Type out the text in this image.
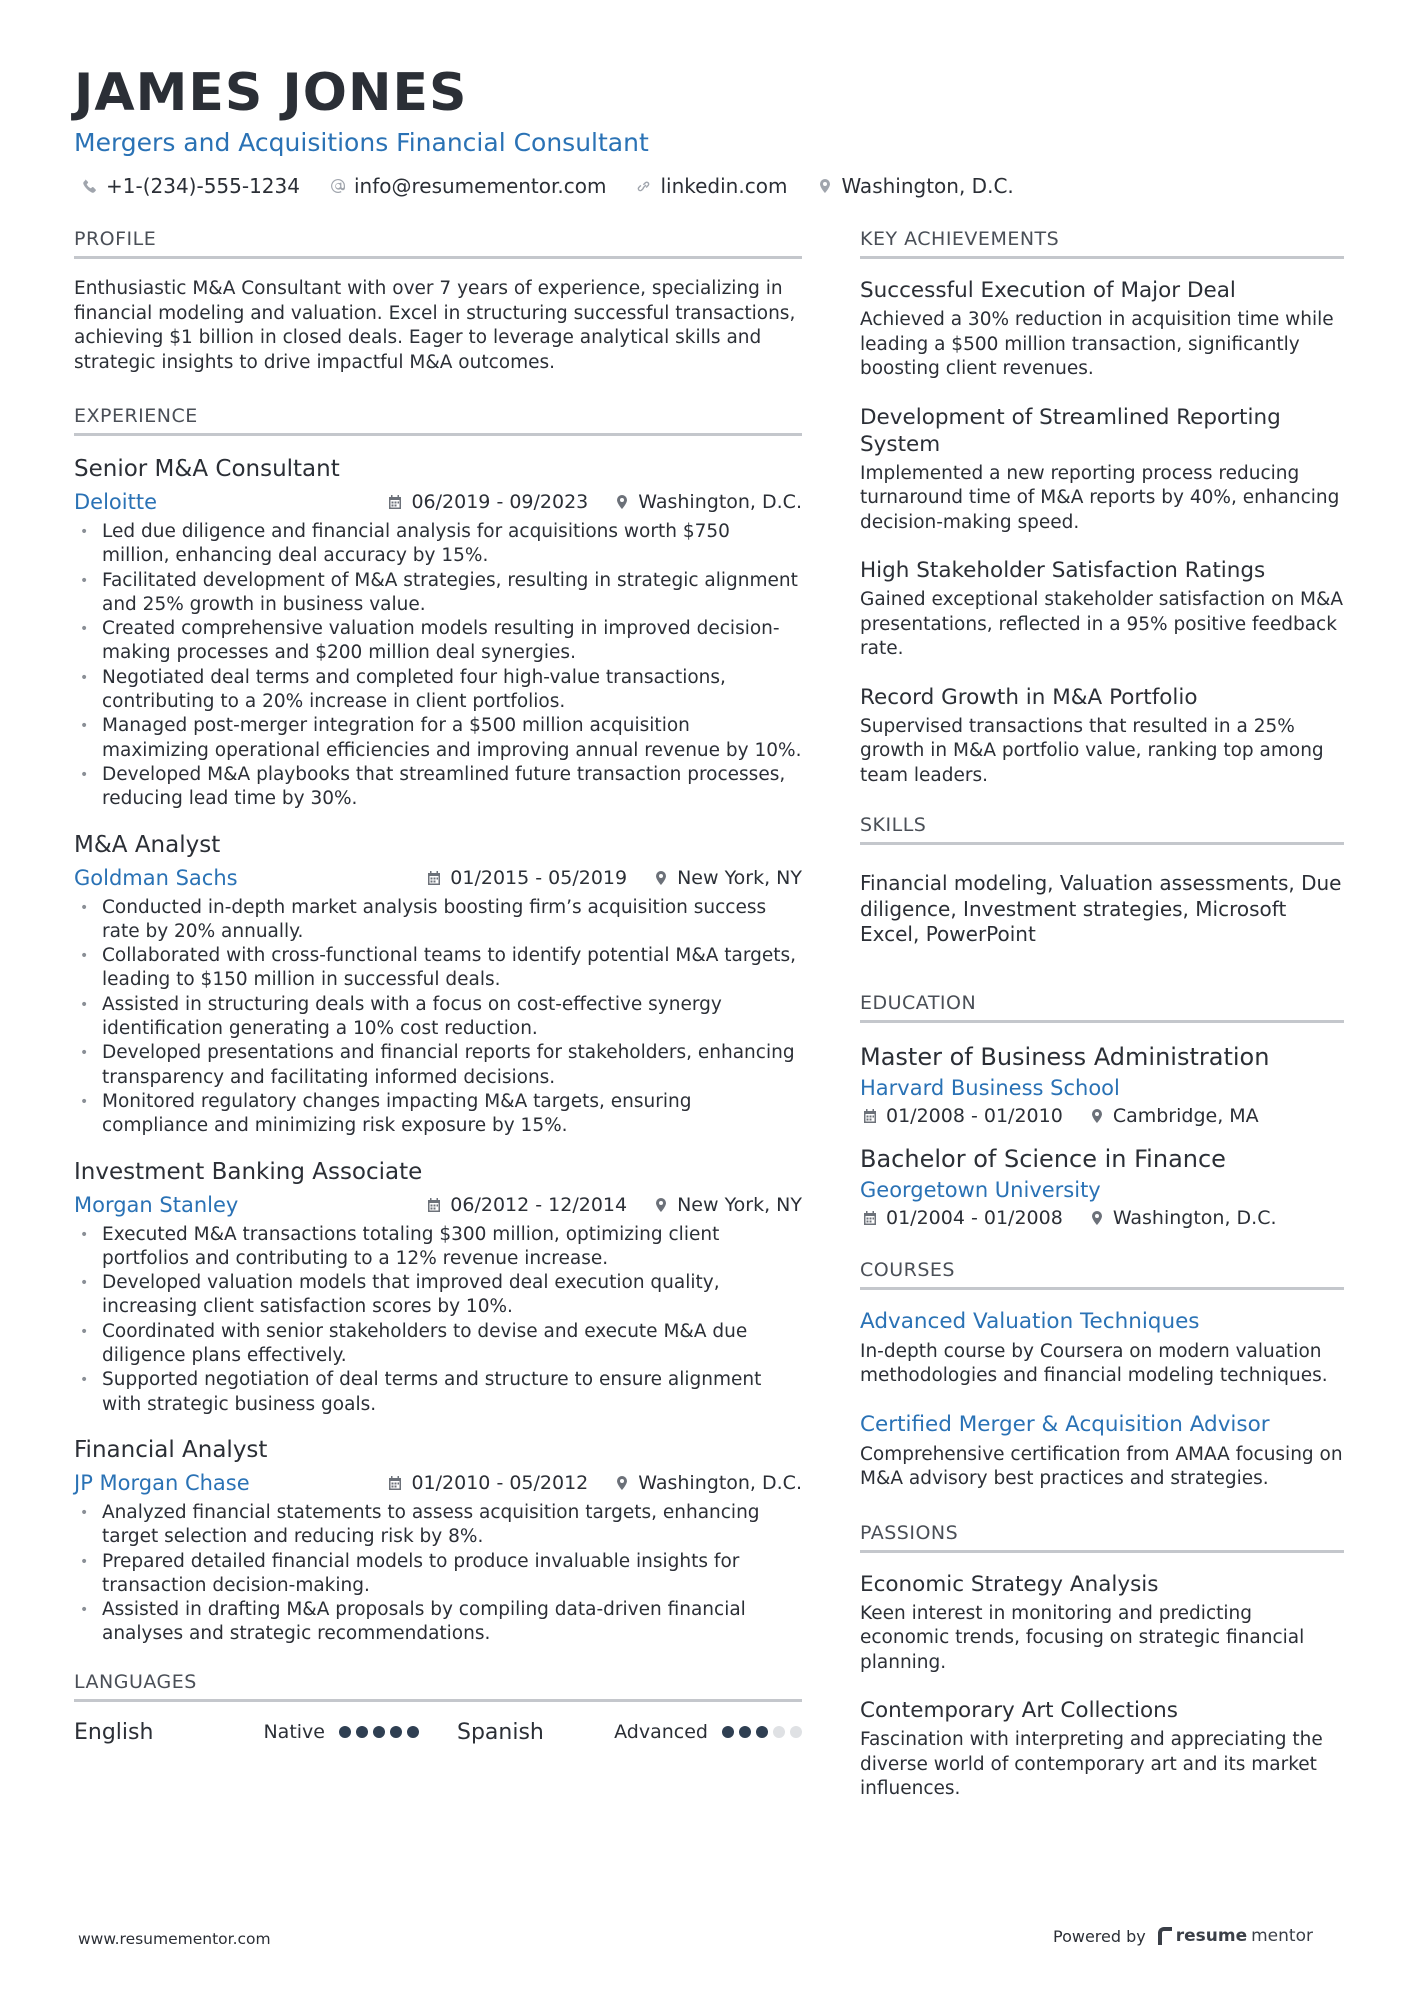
JAMES JONES
Mergers and Acquisitions Financial Consultant
+1-(234)-555-1234	info@resumementor.com	linkedin.com	Washington, D.C.
PROFILE
Enthusiastic M&A Consultant with over 7 years of experience, specializing in financial modeling and valuation. Excel in structuring successful transactions, achieving $1 billion in closed deals. Eager to leverage analytical skills and strategic insights to drive impactful M&A outcomes.
EXPERIENCE
Senior M&A Consultant
Deloitte	06/2019 - 09/2023	Washington, D.C.
• Led due diligence and financial analysis for acquisitions worth $750 million, enhancing deal accuracy by 15%.
• Facilitated development of M&A strategies, resulting in strategic alignment and 25% growth in business value.
• Created comprehensive valuation models resulting in improved decision-making processes and $200 million deal synergies.
• Negotiated deal terms and completed four high-value transactions, contributing to a 20% increase in client portfolios.
• Managed post-merger integration for a $500 million acquisition maximizing operational efficiencies and improving annual revenue by 10%.
• Developed M&A playbooks that streamlined future transaction processes, reducing lead time by 30%.
M&A Analyst
Goldman Sachs	01/2015 - 05/2019	New York, NY
• Conducted in-depth market analysis boosting firm’s acquisition success rate by 20% annually.
• Collaborated with cross-functional teams to identify potential M&A targets, leading to $150 million in successful deals.
• Assisted in structuring deals with a focus on cost-effective synergy identification generating a 10% cost reduction.
• Developed presentations and financial reports for stakeholders, enhancing transparency and facilitating informed decisions.
• Monitored regulatory changes impacting M&A targets, ensuring compliance and minimizing risk exposure by 15%.
Investment Banking Associate
Morgan Stanley	06/2012 - 12/2014	New York, NY
• Executed M&A transactions totaling $300 million, optimizing client portfolios and contributing to a 12% revenue increase.
• Developed valuation models that improved deal execution quality, increasing client satisfaction scores by 10%.
• Coordinated with senior stakeholders to devise and execute M&A due diligence plans effectively.
• Supported negotiation of deal terms and structure to ensure alignment with strategic business goals.
Financial Analyst
JP Morgan Chase	01/2010 - 05/2012	Washington, D.C.
• Analyzed financial statements to assess acquisition targets, enhancing target selection and reducing risk by 8%.
• Prepared detailed financial models to produce invaluable insights for transaction decision-making.
• Assisted in drafting M&A proposals by compiling data-driven financial analyses and strategic recommendations.
LANGUAGES
English	Native	Spanish	Advanced
KEY ACHIEVEMENTS
Successful Execution of Major Deal
Achieved a 30% reduction in acquisition time while leading a $500 million transaction, significantly boosting client revenues.
Development of Streamlined Reporting System
Implemented a new reporting process reducing turnaround time of M&A reports by 40%, enhancing decision-making speed.
High Stakeholder Satisfaction Ratings
Gained exceptional stakeholder satisfaction on M&A presentations, reflected in a 95% positive feedback rate.
Record Growth in M&A Portfolio
Supervised transactions that resulted in a 25% growth in M&A portfolio value, ranking top among team leaders.
SKILLS
Financial modeling, Valuation assessments, Due diligence, Investment strategies, Microsoft Excel, PowerPoint
EDUCATION
Master of Business Administration
Harvard Business School
01/2008 - 01/2010	Cambridge, MA
Bachelor of Science in Finance
Georgetown University
01/2004 - 01/2008	Washington, D.C.
COURSES
Advanced Valuation Techniques
In-depth course by Coursera on modern valuation methodologies and financial modeling techniques.
Certified Merger & Acquisition Advisor
Comprehensive certification from AMAA focusing on M&A advisory best practices and strategies.
PASSIONS
Economic Strategy Analysis
Keen interest in monitoring and predicting economic trends, focusing on strategic financial planning.
Contemporary Art Collections
Fascination with interpreting and appreciating the diverse world of contemporary art and its market influences.
www.resumementor.com	Powered by resume mentor
